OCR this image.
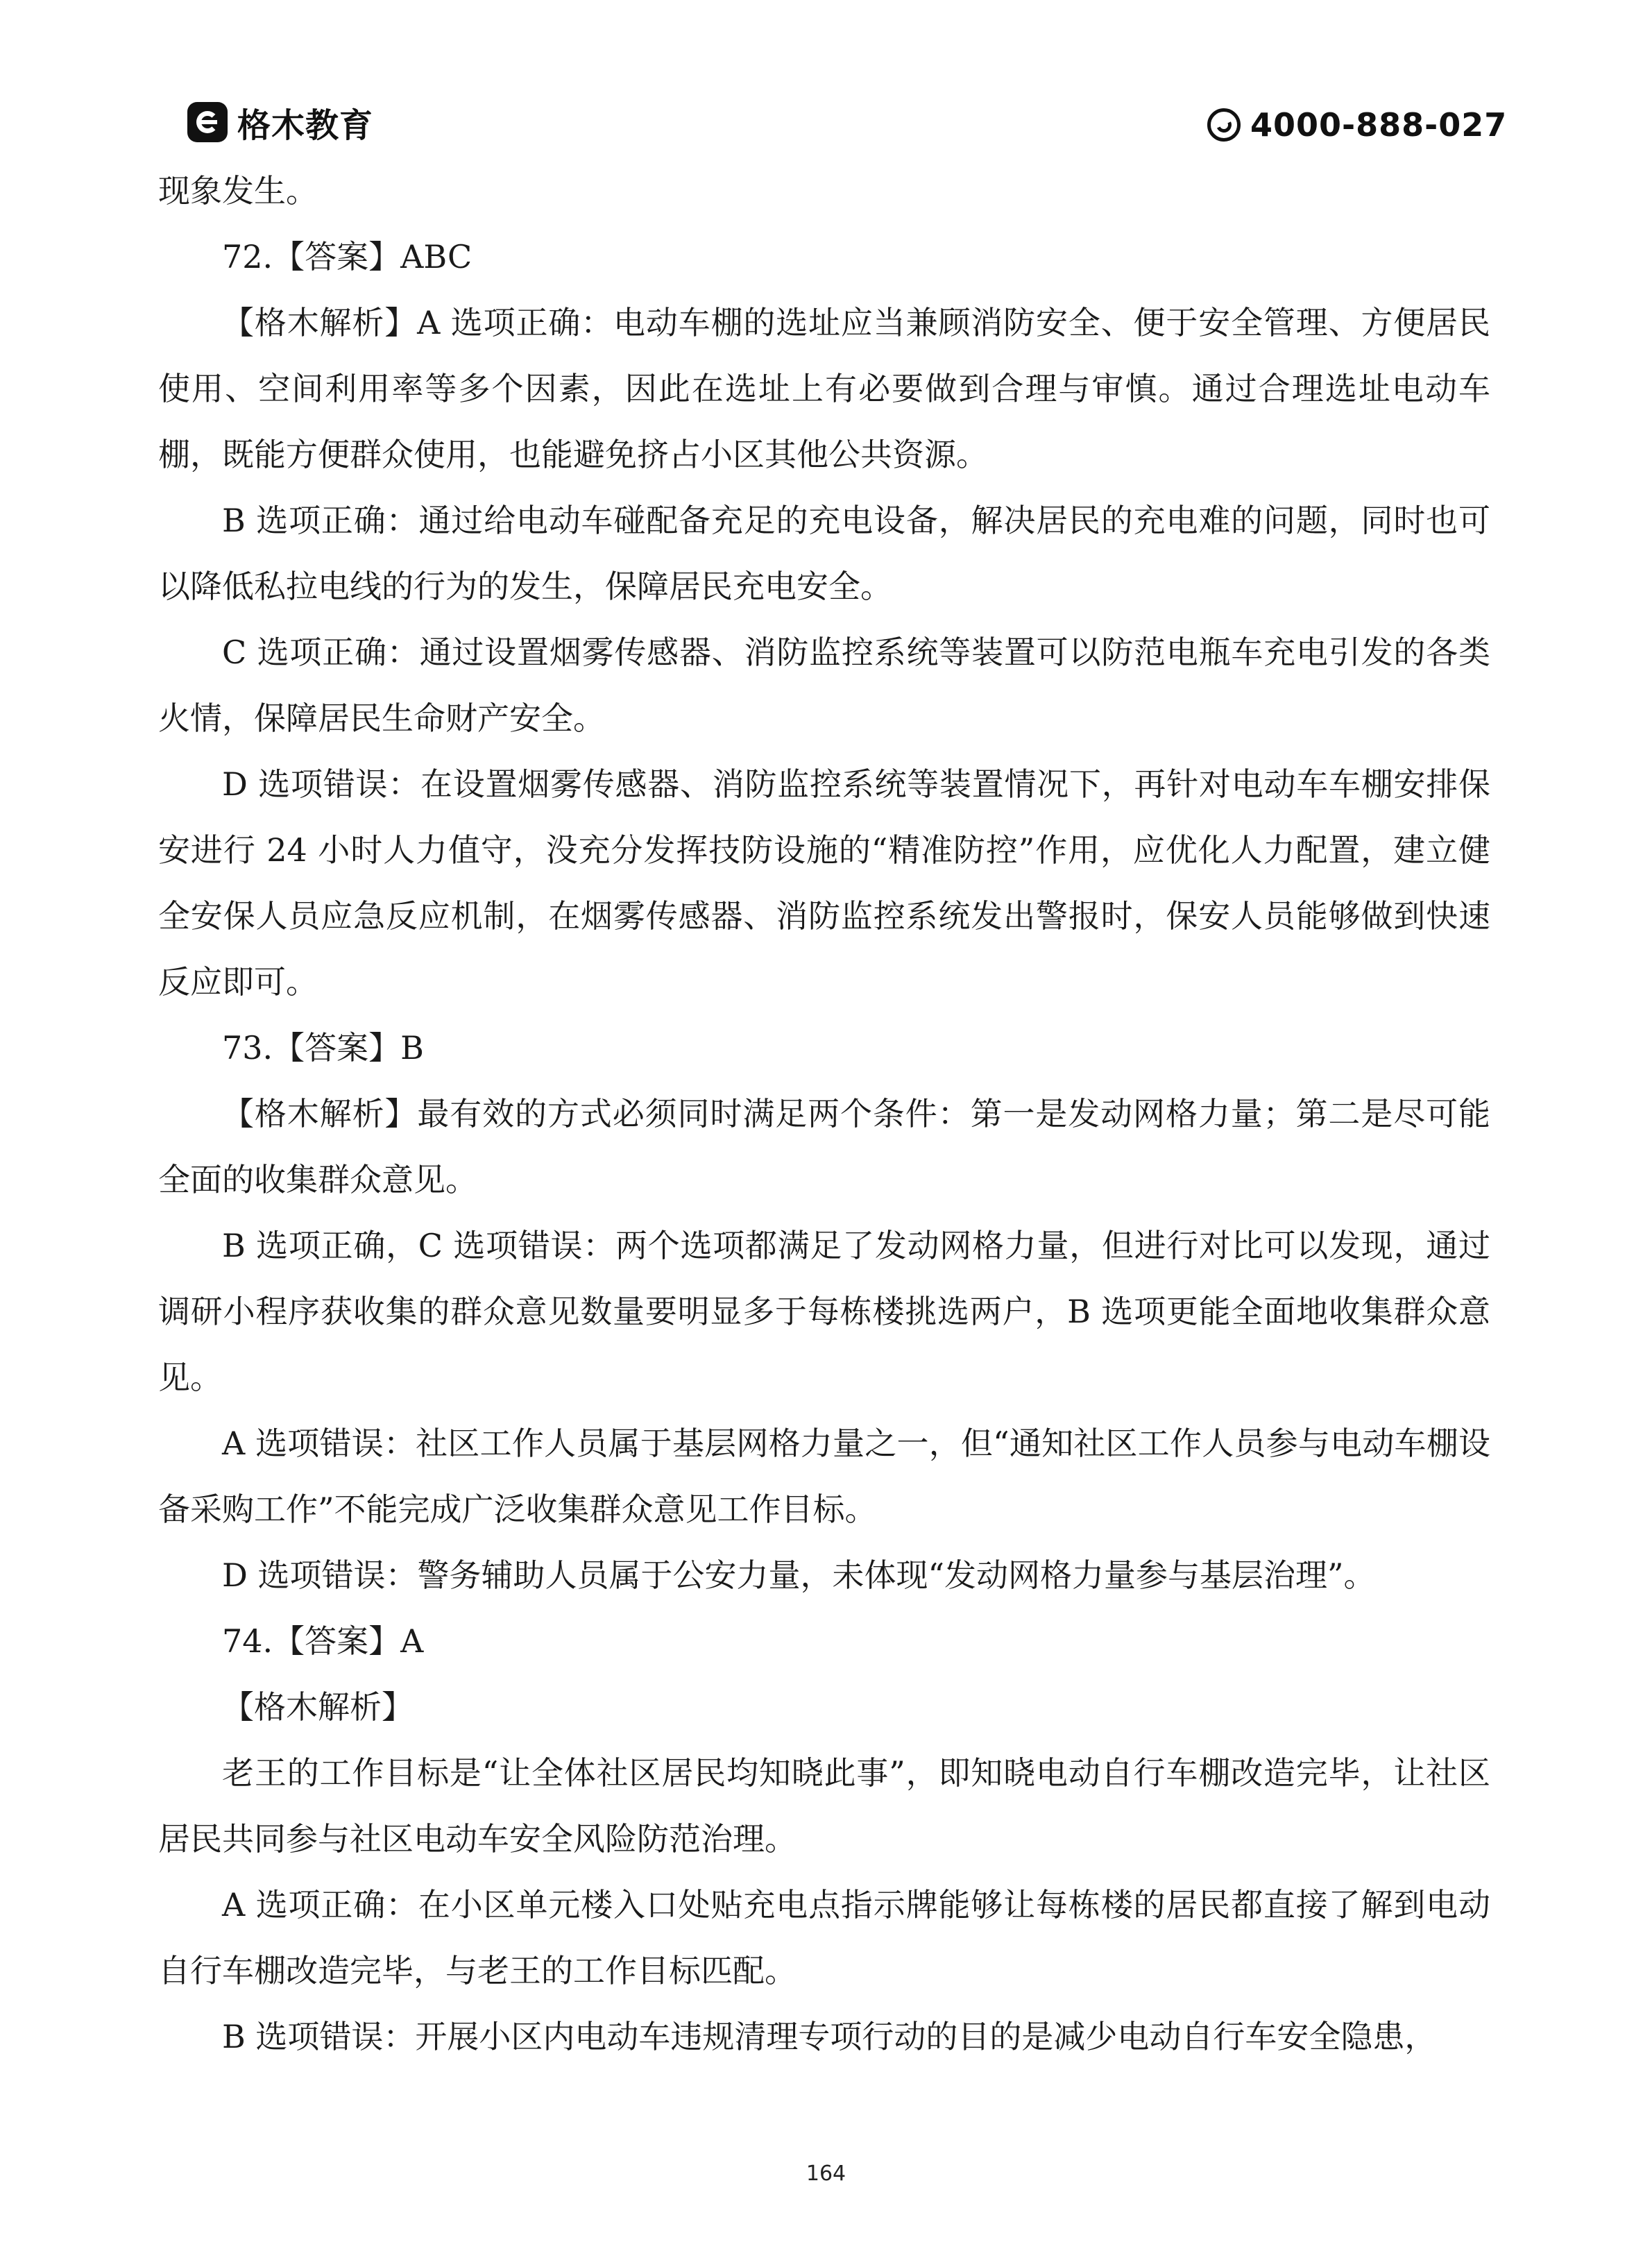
格木教育	4000-888-027

现象发生。

72.【答案】ABC

【格木解析】A 选项正确：电动车棚的选址应当兼顾消防安全、便于安全管理、方便居民使用、空间利用率等多个因素，因此在选址上有必要做到合理与审慎。通过合理选址电动车棚，既能方便群众使用，也能避免挤占小区其他公共资源。

B 选项正确：通过给电动车碰配备充足的充电设备，解决居民的充电难的问题，同时也可以降低私拉电线的行为的发生，保障居民充电安全。

C 选项正确：通过设置烟雾传感器、消防监控系统等装置可以防范电瓶车充电引发的各类火情，保障居民生命财产安全。

D 选项错误：在设置烟雾传感器、消防监控系统等装置情况下，再针对电动车车棚安排保安进行 24 小时人力值守，没充分发挥技防设施的“精准防控”作用，应优化人力配置，建立健全安保人员应急反应机制，在烟雾传感器、消防监控系统发出警报时，保安人员能够做到快速反应即可。

73.【答案】B

【格木解析】最有效的方式必须同时满足两个条件：第一是发动网格力量；第二是尽可能全面的收集群众意见。

B 选项正确，C 选项错误：两个选项都满足了发动网格力量，但进行对比可以发现，通过调研小程序获收集的群众意见数量要明显多于每栋楼挑选两户，B 选项更能全面地收集群众意见。

A 选项错误：社区工作人员属于基层网格力量之一，但“通知社区工作人员参与电动车棚设备采购工作”不能完成广泛收集群众意见工作目标。

D 选项错误：警务辅助人员属于公安力量，未体现“发动网格力量参与基层治理”。

74.【答案】A

【格木解析】

老王的工作目标是“让全体社区居民均知晓此事”，即知晓电动自行车棚改造完毕，让社区居民共同参与社区电动车安全风险防范治理。

A 选项正确：在小区单元楼入口处贴充电点指示牌能够让每栋楼的居民都直接了解到电动自行车棚改造完毕，与老王的工作目标匹配。

B 选项错误：开展小区内电动车违规清理专项行动的目的是减少电动自行车安全隐患，

164
